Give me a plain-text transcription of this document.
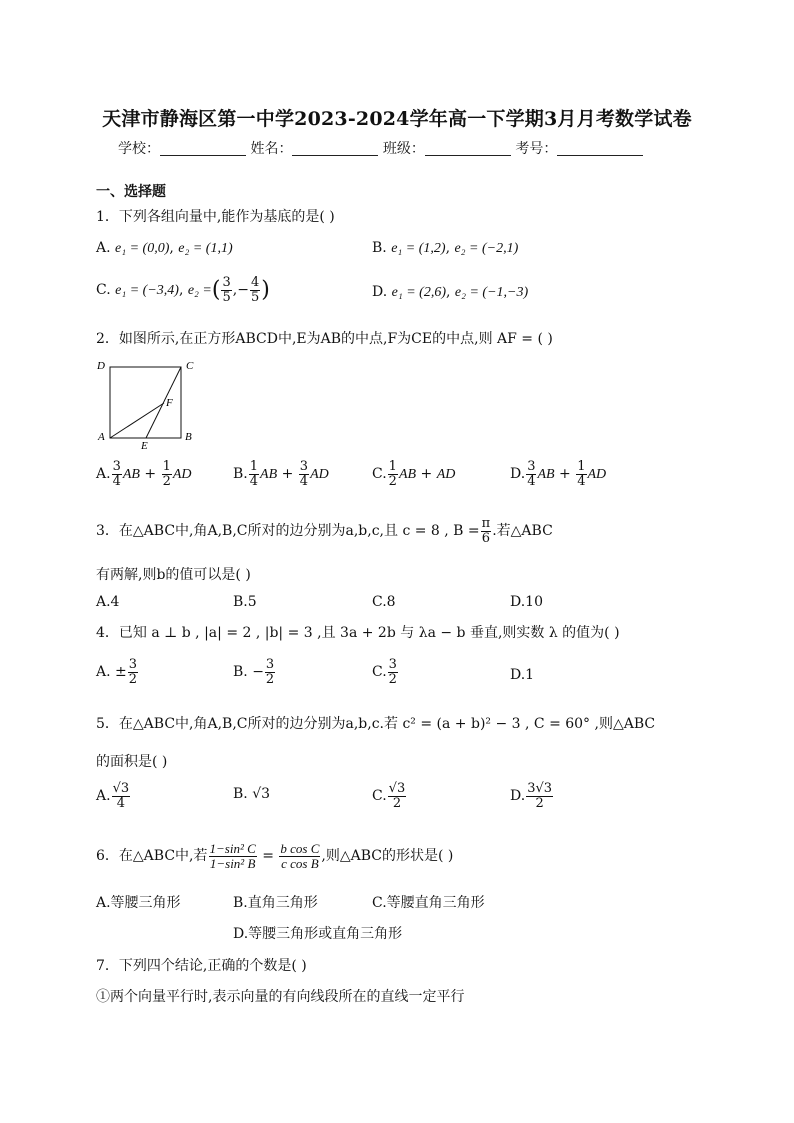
天津市静海区第一中学2023-2024学年高一下学期3月月考数学试卷
学校：	姓名：	班级：	考号：
一、选择题
1．下列各组向量中,能作为基底的是( )
A. e₁ = (0,0), e₂ = (1,1)	B. e₁ = (1,2), e₂ = (−2,1)
C. e₁ = (−3,4), e₂ =( $\frac{3}{5}$ ,− $\frac{4}{5}$ )	D. e₁ = (2,6), e₂ = (−1,−3)
2．如图所示,在正方形ABCD中,E为AB的中点,F为CE的中点,则 AF = ( )
D	C
F
A
E
B
A. $\frac{3}{4}$ AB + $\frac{1}{2}$ AD	B. $\frac{1}{4}$ AB + $\frac{3}{4}$ AD	C. $\frac{1}{2}$ AB + AD	D. $\frac{3}{4}$ AB + $\frac{1}{4}$ AD
3．在△ABC中,角A,B,C所对的边分别为a,b,c,且 c = 8 , $B = \frac{\pi}{6}$ .若△ABC
有两解,则b的值可以是( )
A.4	B.5	C.8	D.10
4．已知 a ⊥ b , |a| = 2 , |b| = 3 ,且 3a + 2b 与 λa − b 垂直,则实数 λ 的值为( )
A. ± $\frac{3}{2}$	B. − $\frac{3}{2}$	C. $\frac{3}{2}$	D.1
5．在△ABC中,角A,B,C所对的边分别为a,b,c.若 c² = (a + b)² − 3 , C = 60° ,则△ABC
的面积是( )
A. $\frac{√3}{4}$	B. √3	C. $\frac{√3}{2}$	D. $\frac{3√3}{2}$
6．在△ABC中,若 $\frac{\text{1−sin² C}}{\text{1−sin² B}} = \frac{\text{b cos C}}{\text{c cos B}}$ ,则△ABC的形状是( )
A.等腰三角形	B.直角三角形	C.等腰直角三角形
D.等腰三角形或直角三角形
7．下列四个结论,正确的个数是( )
①两个向量平行时,表示向量的有向线段所在的直线一定平行
